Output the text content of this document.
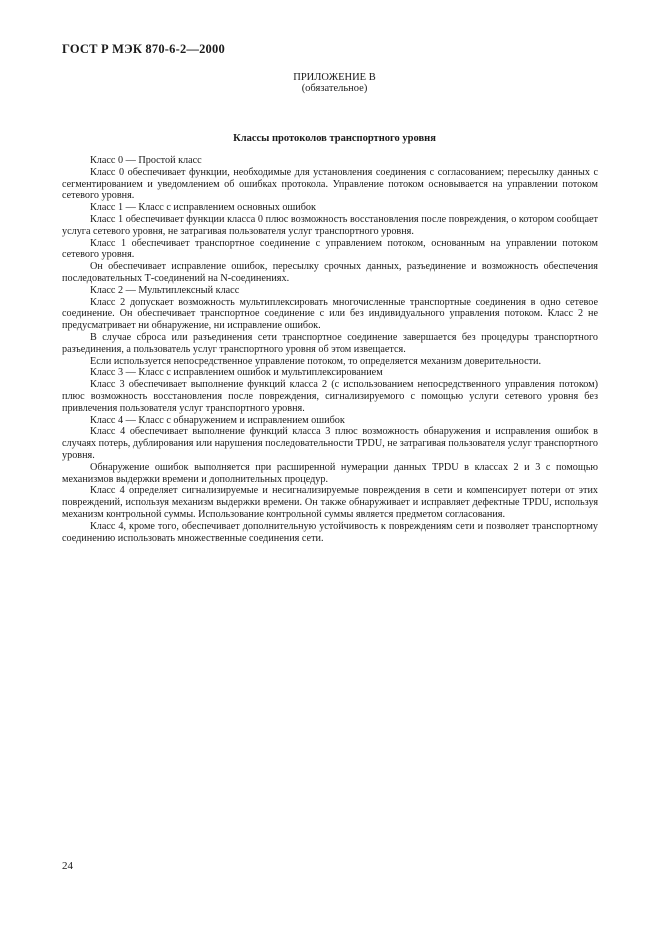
ГОСТ Р МЭК 870-6-2—2000
ПРИЛОЖЕНИЕ В
(обязательное)
Классы протоколов транспортного уровня

Класс 0 — Простой класс

Класс 0 обеспечивает функции, необходимые для установления соединения с согласованием; пересылку данных с сегментированием и уведомлением об ошибках протокола. Управление потоком основывается на управлении потоком сетевого уровня.

Класс 1 — Класс с исправлением основных ошибок

Класс 1 обеспечивает функции класса 0 плюс возможность восстановления после повреждения, о котором сообщает услуга сетевого уровня, не затрагивая пользователя услуг транспортного уровня.

Класс 1 обеспечивает транспортное соединение с управлением потоком, основанным на управлении потоком сетевого уровня.

Он обеспечивает исправление ошибок, пересылку срочных данных, разъединение и возможность обеспечения последовательных Т-соединений на N-соединениях.

Класс 2 — Мультиплексный класс

Класс 2 допускает возможность мультиплексировать многочисленные транспортные соединения в одно сетевое соединение. Он обеспечивает транспортное соединение с или без индивидуального управления потоком. Класс 2 не предусматривает ни обнаружение, ни исправление ошибок.

В случае сброса или разъединения сети транспортное соединение завершается без процедуры транспортного разъединения, а пользователь услуг транспортного уровня об этом извещается.

Если используется непосредственное управление потоком, то определяется механизм доверительности.

Класс 3 — Класс с исправлением ошибок и мультиплексированием

Класс 3 обеспечивает выполнение функций класса 2 (с использованием непосредственного управления потоком) плюс возможность восстановления после повреждения, сигнализируемого с помощью услуги сетевого уровня без привлечения пользователя услуг транспортного уровня.

Класс 4 — Класс с обнаружением и исправлением ошибок

Класс 4 обеспечивает выполнение функций класса 3 плюс возможность обнаружения и исправления ошибок в случаях потерь, дублирования или нарушения последовательности TPDU, не затрагивая пользователя услуг транспортного уровня.

Обнаружение ошибок выполняется при расширенной нумерации данных TPDU в классах 2 и 3 с помощью механизмов выдержки времени и дополнительных процедур.

Класс 4 определяет сигнализируемые и несигнализируемые повреждения в сети и компенсирует потери от этих повреждений, используя механизм выдержки времени. Он также обнаруживает и исправляет дефектные TPDU, используя механизм контрольной суммы. Использование контрольной суммы является предметом согласования.

Класс 4, кроме того, обеспечивает дополнительную устойчивость к повреждениям сети и позволяет транспортному соединению использовать множественные соединения сети.

24
